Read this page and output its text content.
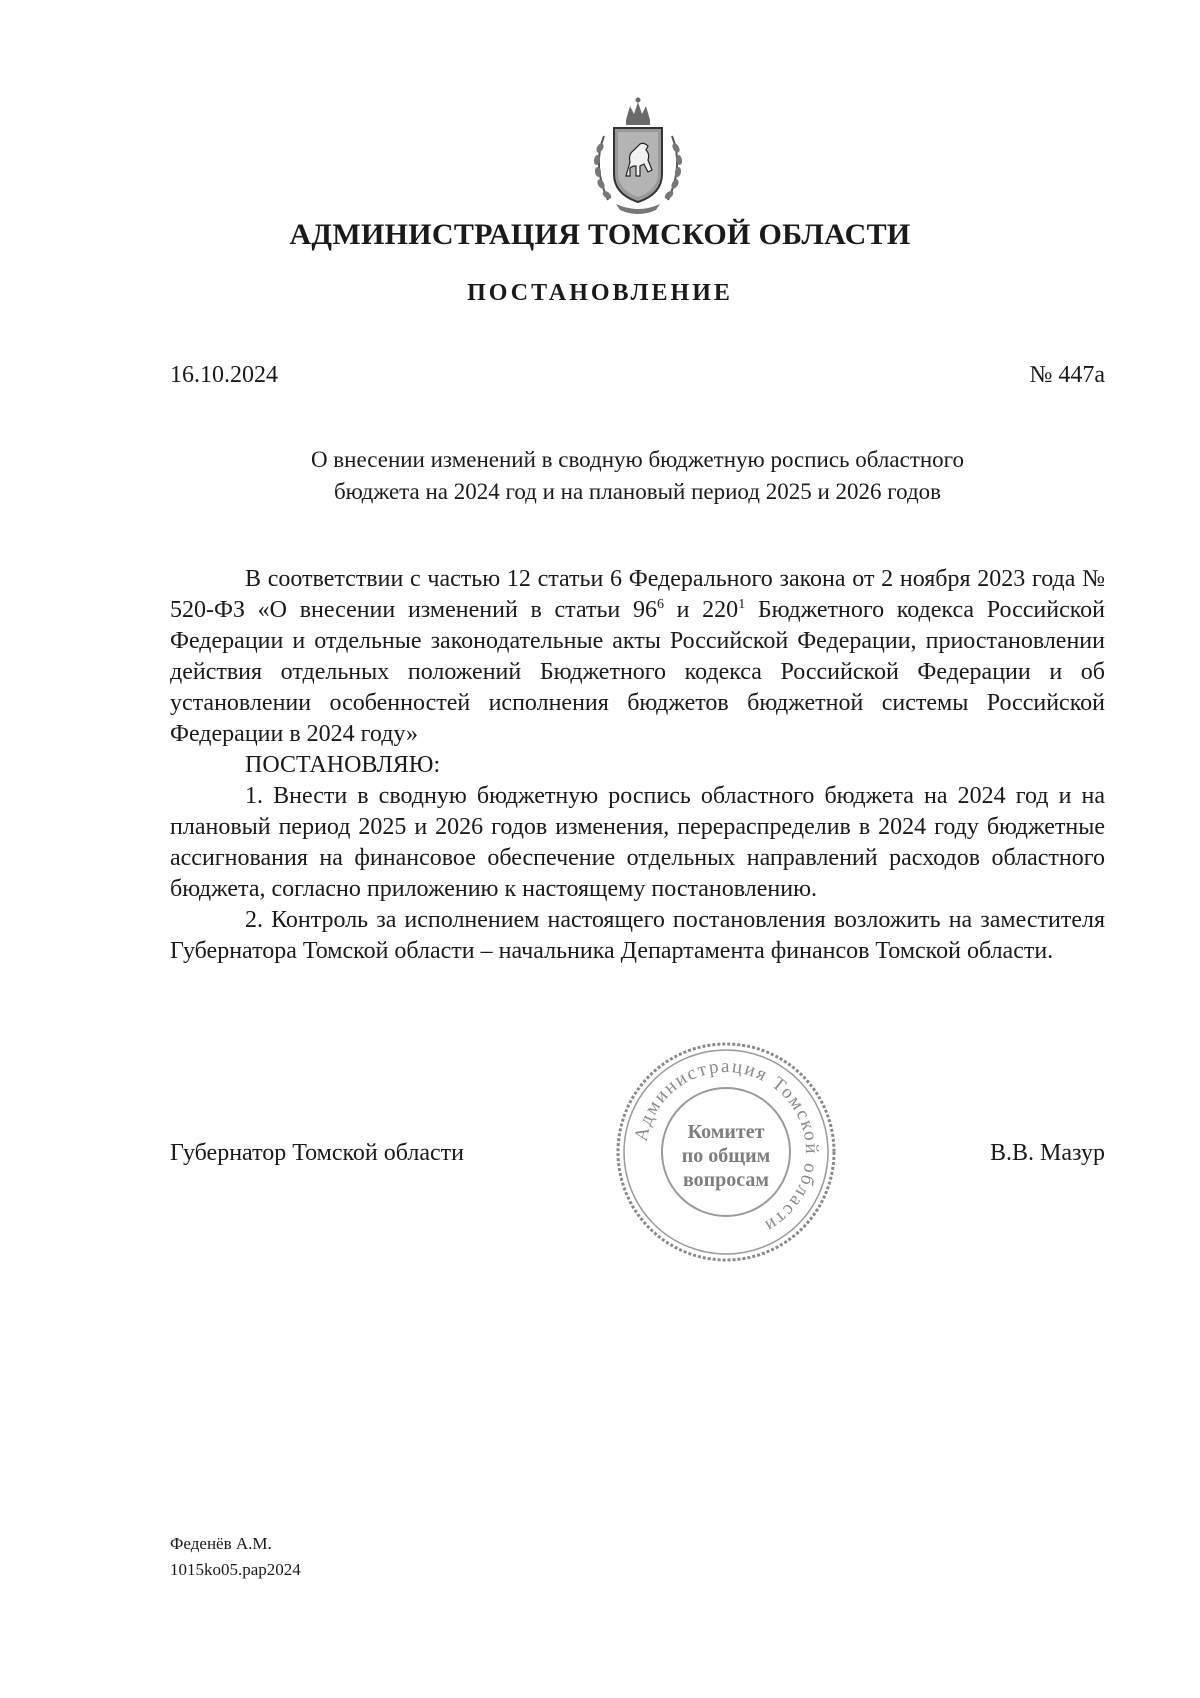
АДМИНИСТРАЦИЯ ТОМСКОЙ ОБЛАСТИ
ПОСТАНОВЛЕНИЕ
16.10.2024	№ 447а
О внесении изменений в сводную бюджетную роспись областного
бюджета на 2024 год и на плановый период 2025 и 2026 годов

В соответствии с частью 12 статьи 6 Федерального закона от 2 ноября 2023 года № 520-ФЗ «О внесении изменений в статьи $96^6$ и $220^1$ Бюджетного кодекса Российской Федерации и отдельные законодательные акты Российской Федерации, приостановлении действия отдельных положений Бюджетного кодекса Российской Федерации и об установлении особенностей исполнения бюджетов бюджетной системы Российской Федерации в 2024 году»

ПОСТАНОВЛЯЮ:

1. Внести в сводную бюджетную роспись областного бюджета на 2024 год и на плановый период 2025 и 2026 годов изменения, перераспределив в 2024 году бюджетные ассигнования на финансовое обеспечение отдельных направлений расходов областного бюджета, согласно приложению к настоящему постановлению.

2. Контроль за исполнением настоящего постановления возложить на заместителя Губернатора Томской области – начальника Департамента финансов Томской области.

Губернатор Томской области
Администрация Томской области
Комитет
по общим
вопросам
В.В. Мазур
Феденёв А.М.
1015ko05.pap2024
